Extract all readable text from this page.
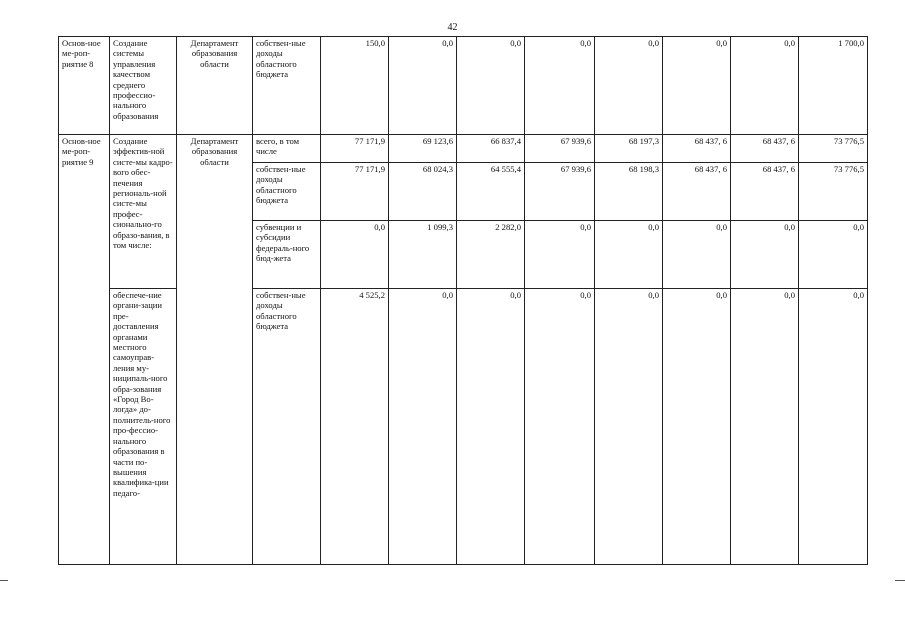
42
Основ-ное ме-роп-риятие 8	Создание системы управления качеством среднего профессио-нального образования	Департамент образования области	собствен-ные доходы областного бюджета	150,0	0,0	0,0	0,0	0,0	0,0	0,0	1 700,0
Основ-ное ме-роп-риятие 9	Создание эффектив-ной систе-мы кадро-вого обес-печения региональ-ной систе-мы профес-сионально-го образо-вания, в том числе:	Департамент образования области	всего, в том числе	77 171,9	69 123,6	66 837,4	67 939,6	68 197,3	68 437, 6	68 437, 6	73 776,5
			собствен-ные доходы областного бюджета	77 171,9	68 024,3	64 555,4	67 939,6	68 198,3	68 437, 6	68 437, 6	73 776,5
			субвенции и субсидии федераль-ного бюд-жета	0,0	1 099,3	2 282,0	0,0	0,0	0,0	0,0	0,0
	обеспече-ние органи-зации пре-доставления органами местного самоуправ-ления му-ниципаль-ного обра-зования «Город Во-логда» до-полнитель-ного про-фессио-нального образования в части по-вышения квалифика-ции педаго-		собствен-ные доходы областного бюджета	4 525,2	0,0	0,0	0,0	0,0	0,0	0,0	0,0
